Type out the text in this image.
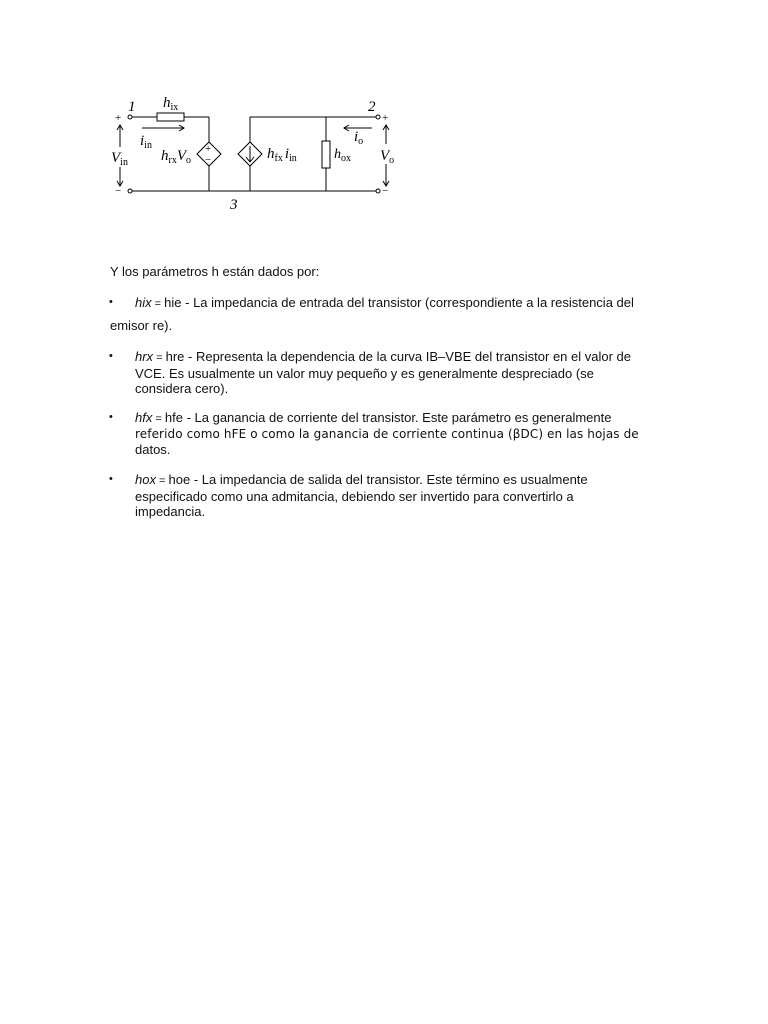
1	2
3
$h_{ix}$
$i_{in}$
$h_{rx}V_o$	$h_{fx}$ $i_{in}$	$h_{ox}$
$i_o$
$V_{in}$	$V_o$
+
−
+
−
+
−
Y los parámetros h están dados por:
• hix = hie - La impedancia de entrada del transistor (correspondiente a la resistencia del
emisor re).
• hrx = hre - Representa la dependencia de la curva IB–VBE del transistor en el valor de
VCE. Es usualmente un valor muy pequeño y es generalmente despreciado (se
considera cero).
• hfx = hfe - La ganancia de corriente del transistor. Este parámetro es generalmente
referido como hFE o como la ganancia de corriente continua (βDC) en las hojas de
datos.
• hox = hoe - La impedancia de salida del transistor. Este término es usualmente
especificado como una admitancia, debiendo ser invertido para convertirlo a
impedancia.
